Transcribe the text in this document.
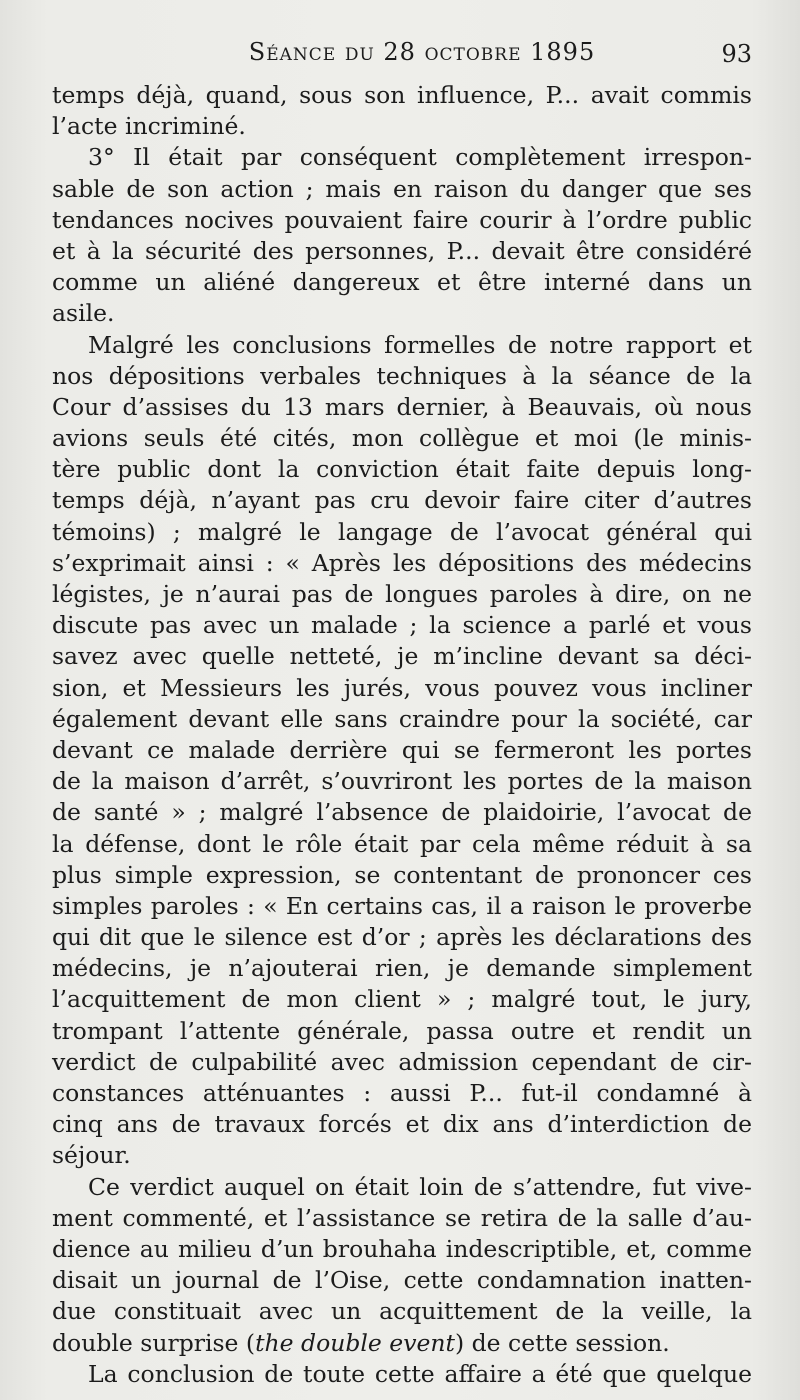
Séance du 28 octobre 1895	93
temps déjà, quand, sous son influence, P... avait commis
l’acte incriminé.
3° Il était par conséquent complètement irrespon-
sable de son action ; mais en raison du danger que ses
tendances nocives pouvaient faire courir à l’ordre public
et à la sécurité des personnes, P... devait être considéré
comme un aliéné dangereux et être interné dans un
asile.
Malgré les conclusions formelles de notre rapport et
nos dépositions verbales techniques à la séance de la
Cour d’assises du 13 mars dernier, à Beauvais, où nous
avions seuls été cités, mon collègue et moi (le minis-
tère public dont la conviction était faite depuis long-
temps déjà, n’ayant pas cru devoir faire citer d’autres
témoins) ; malgré le langage de l’avocat général qui
s’exprimait ainsi : « Après les dépositions des médecins
légistes, je n’aurai pas de longues paroles à dire, on ne
discute pas avec un malade ; la science a parlé et vous
savez avec quelle netteté, je m’incline devant sa déci-
sion, et Messieurs les jurés, vous pouvez vous incliner
également devant elle sans craindre pour la société, car
devant ce malade derrière qui se fermeront les portes
de la maison d’arrêt, s’ouvriront les portes de la maison
de santé » ; malgré l’absence de plaidoirie, l’avocat de
la défense, dont le rôle était par cela même réduit à sa
plus simple expression, se contentant de prononcer ces
simples paroles : « En certains cas, il a raison le proverbe
qui dit que le silence est d’or ; après les déclarations des
médecins, je n’ajouterai rien, je demande simplement
l’acquittement de mon client » ; malgré tout, le jury,
trompant l’attente générale, passa outre et rendit un
verdict de culpabilité avec admission cependant de cir-
constances atténuantes : aussi P... fut-il condamné à
cinq ans de travaux forcés et dix ans d’interdiction de
séjour.
Ce verdict auquel on était loin de s’attendre, fut vive-
ment commenté, et l’assistance se retira de la salle d’au-
dience au milieu d’un brouhaha indescriptible, et, comme
disait un journal de l’Oise, cette condamnation inatten-
due constituait avec un acquittement de la veille, la
double surprise (the double event) de cette session.
La conclusion de toute cette affaire a été que quelque
